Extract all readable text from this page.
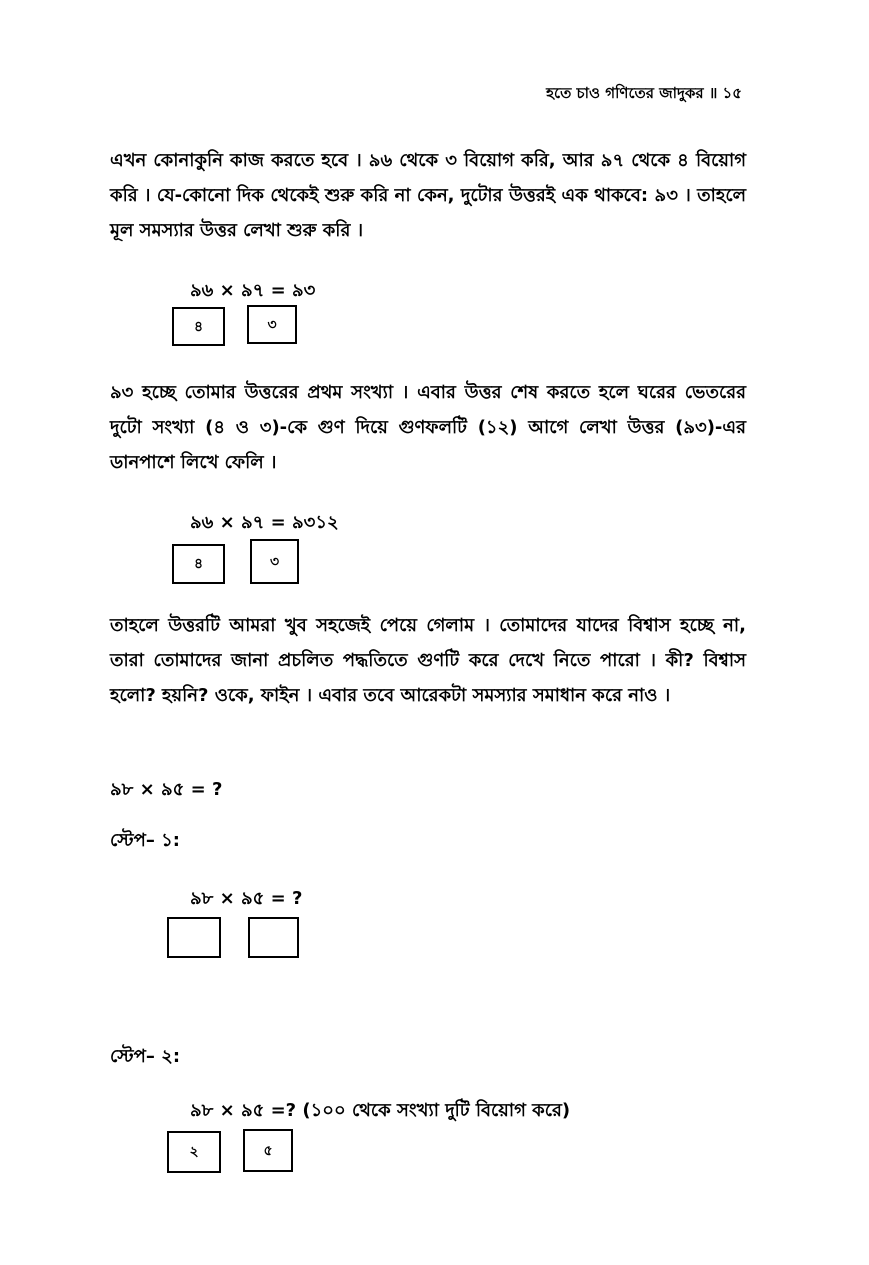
হতে চাও গণিতের জাদুকর ॥ ১৫
এখন কোনাকুনি কাজ করতে হবে । ৯৬ থেকে ৩ বিয়োগ করি, আর ৯৭ থেকে ৪ বিয়োগ করি । যে-কোনো দিক থেকেই শুরু করি না কেন, দুটোর উত্তরই এক থাকবে: ৯৩ । তাহলে মূল সমস্যার উত্তর লেখা শুরু করি ।
৯৬ × ৯৭ = ৯৩
৪	৩
৯৩ হচ্ছে তোমার উত্তরের প্রথম সংখ্যা । এবার উত্তর শেষ করতে হলে ঘরের ভেতরের দুটো সংখ্যা (৪ ও ৩)-কে গুণ দিয়ে গুণফলটি (১২) আগে লেখা উত্তর (৯৩)-এর ডানপাশে লিখে ফেলি ।
৯৬ × ৯৭ = ৯৩১২
৪	৩
তাহলে উত্তরটি আমরা খুব সহজেই পেয়ে গেলাম । তোমাদের যাদের বিশ্বাস হচ্ছে না, তারা তোমাদের জানা প্রচলিত পদ্ধতিতে গুণটি করে দেখে নিতে পারো । কী? বিশ্বাস হলো? হয়নি? ওকে, ফাইন । এবার তবে আরেকটা সমস্যার সমাধান করে নাও ।
৯৮ × ৯৫ = ?
স্টেপ– ১:
৯৮ × ৯৫ = ?
স্টেপ– ২:
৯৮ × ৯৫ =? (১০০ থেকে সংখ্যা দুটি বিয়োগ করে)
২	৫
